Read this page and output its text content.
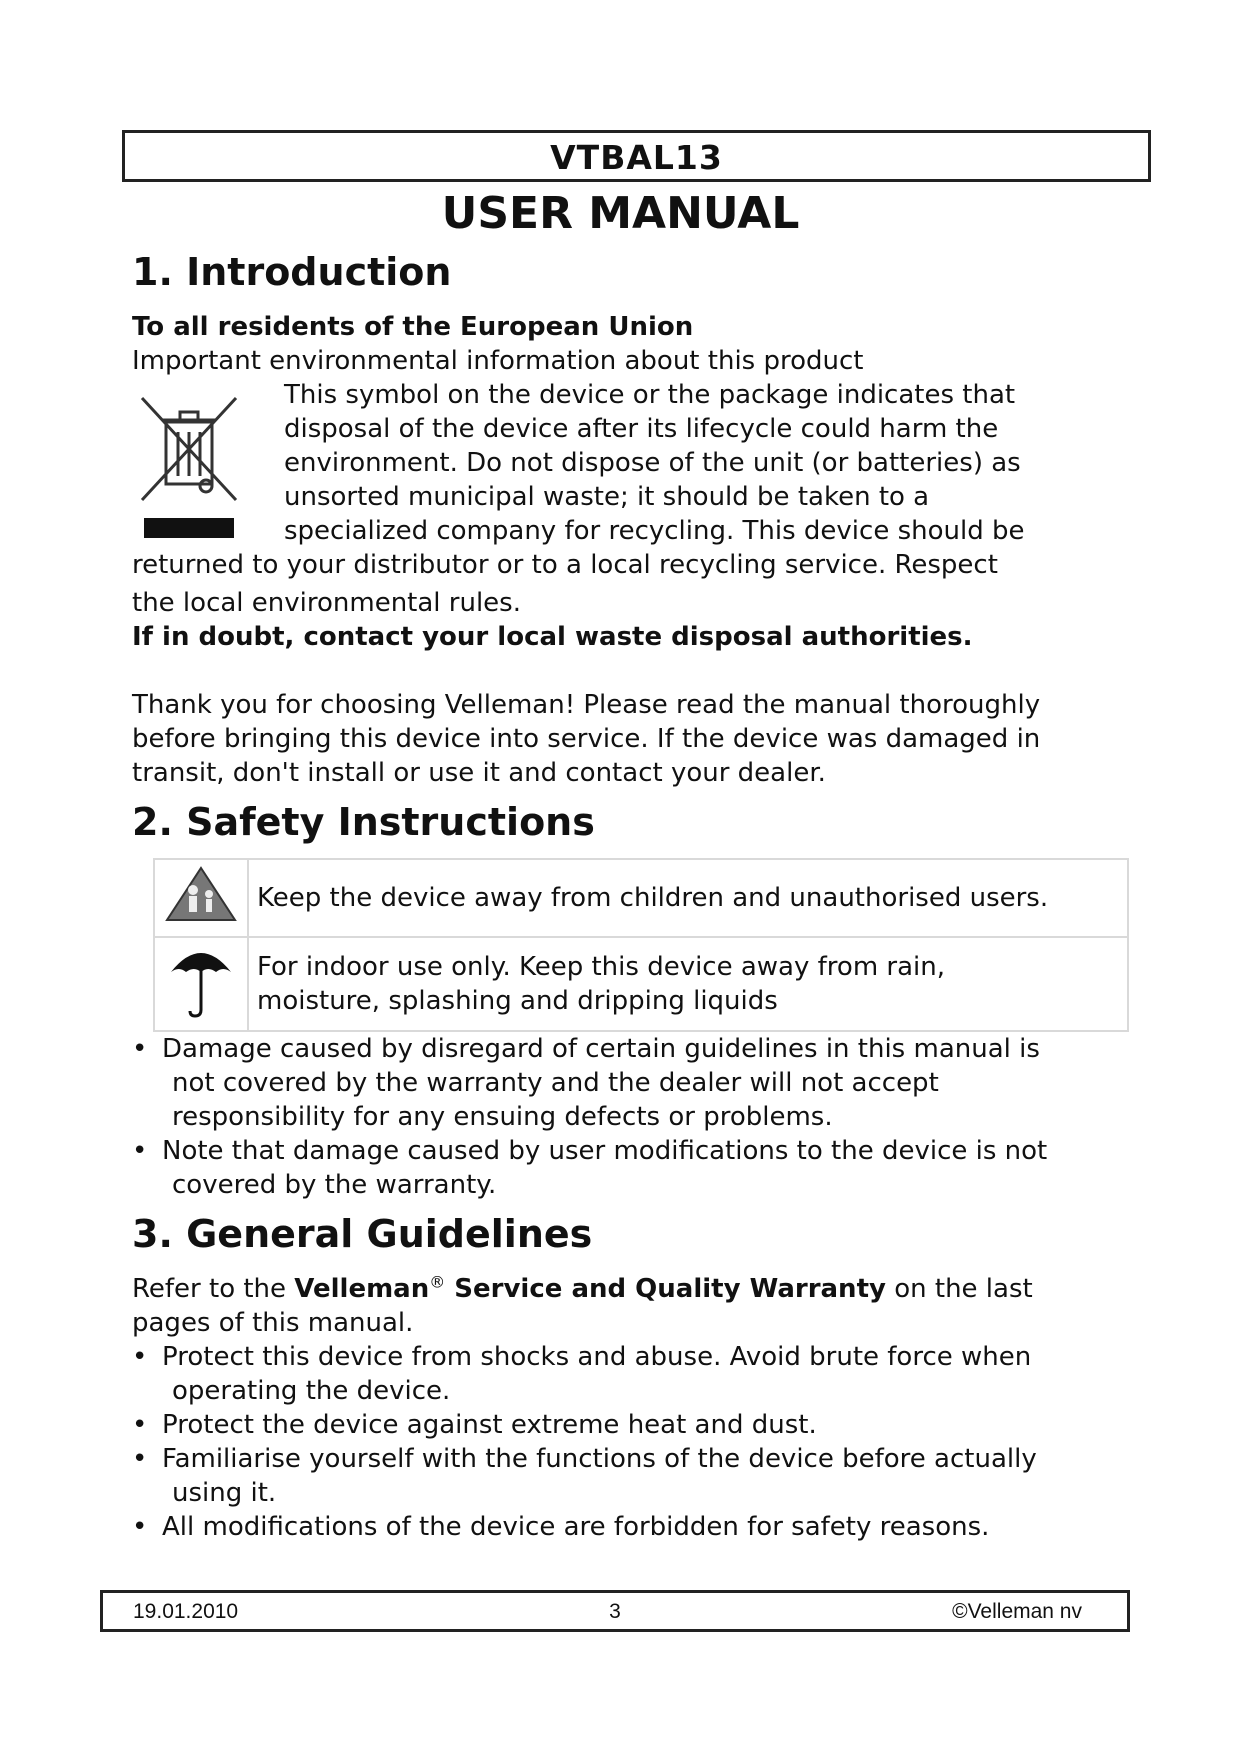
VTBAL13
USER MANUAL
1. Introduction

To all residents of the European Union

Important environmental information about this product

This symbol on the device or the package indicates that

disposal of the device after its lifecycle could harm the

environment. Do not dispose of the unit (or batteries) as

unsorted municipal waste; it should be taken to a

specialized company for recycling. This device should be

returned to your distributor or to a local recycling service. Respect

the local environmental rules.

If in doubt, contact your local waste disposal authorities.

Thank you for choosing Velleman! Please read the manual thoroughly

before bringing this device into service. If the device was damaged in

transit, don't install or use it and contact your dealer.

2. Safety Instructions

Keep the device away from children and unauthorised users.

For indoor use only. Keep this device away from rain,
moisture, splashing and dripping liquids
• Damage caused by disregard of certain guidelines in this manual is
not covered by the warranty and the dealer will not accept
responsibility for any ensuing defects or problems.
• Note that damage caused by user modifications to the device is not
covered by the warranty.
3. General Guidelines

Refer to the Velleman® Service and Quality Warranty on the last

pages of this manual.

• Protect this device from shocks and abuse. Avoid brute force when
operating the device.
• Protect the device against extreme heat and dust.
• Familiarise yourself with the functions of the device before actually
using it.
• All modifications of the device are forbidden for safety reasons.
19.01.2010	3	©Velleman nv
